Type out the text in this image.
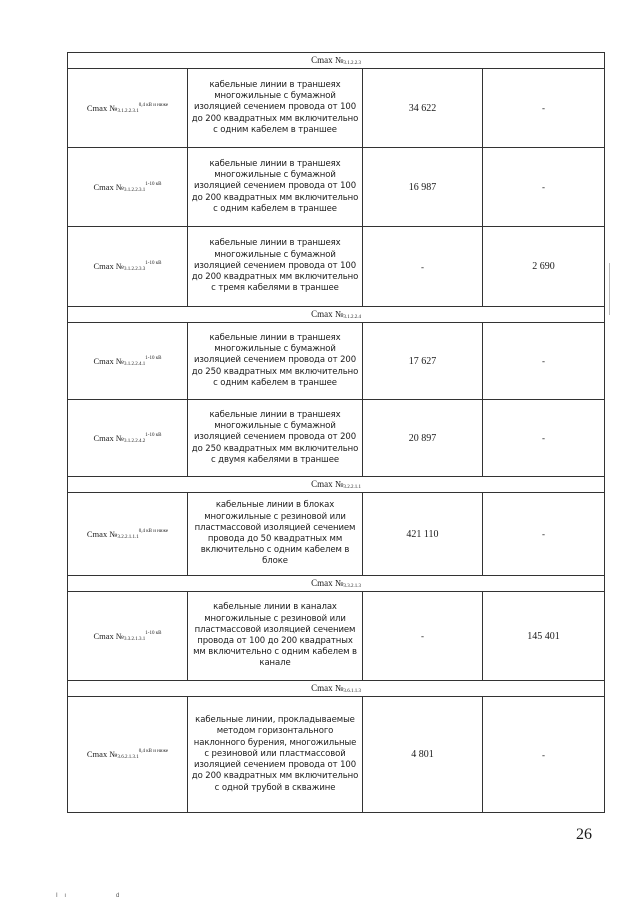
Cmax $№_{3.1.2.2.3}$
Cmax $№_{3.1.2.2.3.1}^{0,4 кВ и ниже}$	кабельные линии в траншеях многожильные с бумажной изоляцией сечением провода от 100 до 200 квадратных мм включительно с одним кабелем в траншее	34 622	-
Cmax $№_{3.1.2.2.3.1}^{1-10 кВ}$	кабельные линии в траншеях многожильные с бумажной изоляцией сечением провода от 100 до 200 квадратных мм включительно с одним кабелем в траншее	16 987	-
Cmax $№_{3.1.2.2.3.3}^{1-10 кВ}$	кабельные линии в траншеях многожильные с бумажной изоляцией сечением провода от 100 до 200 квадратных мм включительно с тремя кабелями в траншее	-	2 690
Cmax $№_{3.1.2.2.4}$
Cmax $№_{3.1.2.2.4.1}^{1-10 кВ}$	кабельные линии в траншеях многожильные с бумажной изоляцией сечением провода от 200 до 250 квадратных мм включительно с одним кабелем в траншее	17 627	-
Cmax $№_{3.1.2.2.4.2}^{1-10 кВ}$	кабельные линии в траншеях многожильные с бумажной изоляцией сечением провода от 200 до 250 квадратных мм включительно с двумя кабелями в траншее	20 897	-
Cmax $№_{3.2.2.1.1}$
Cmax $№_{3.2.2.1.1.1}^{0,4 кВ и ниже}$	кабельные линии в блоках многожильные с резиновой или пластмассовой изоляцией сечением провода до 50 квадратных мм включительно с одним кабелем в блоке	421 110	-
Cmax $№_{3.3.2.1.3}$
Cmax $№_{3.3.2.1.3.1}^{1-10 кВ}$	кабельные линии в каналах многожильные с резиновой или пластмассовой изоляцией сечением провода от 100 до 200 квадратных мм включительно с одним кабелем в канале	-	145 401
Cmax $№_{3.6.1.1.3}$
Cmax $№_{3.6.2.1.3.1}^{0,4 кВ и ниже}$	кабельные линии, прокладываемые методом горизонтального наклонного бурения, многожильные с резиновой или пластмассовой изоляцией сечением провода от 100 до 200 квадратных мм включительно с одной трубой в скважине	4 801	-
26
I    ı                              d
